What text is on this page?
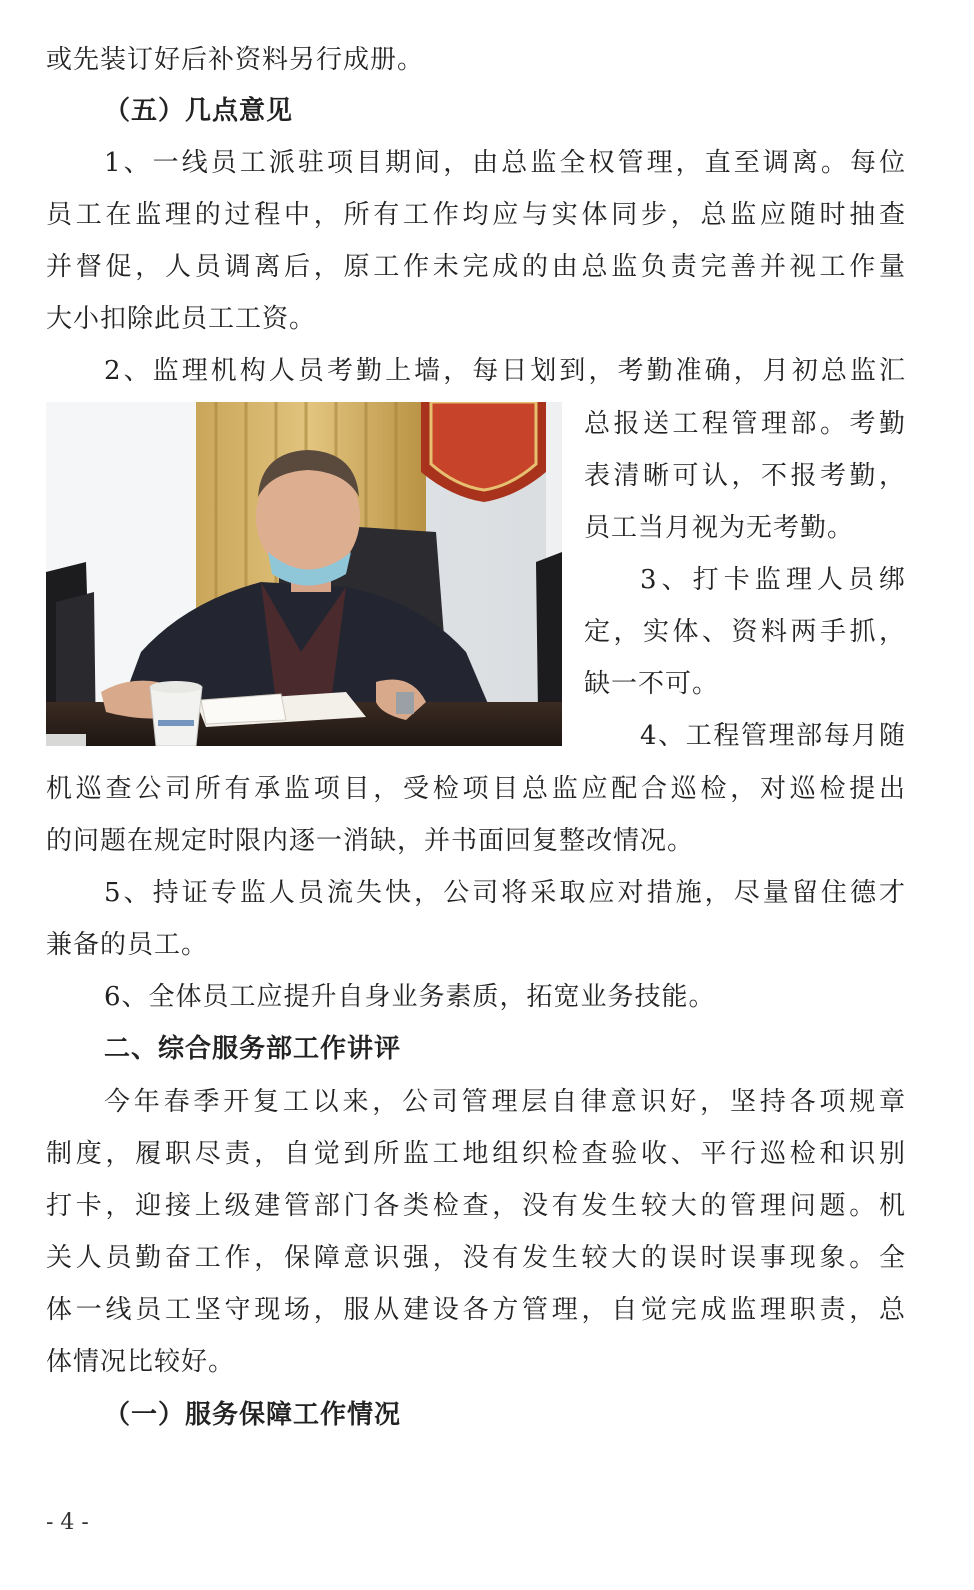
或先装订好后补资料另行成册。
（五）几点意见
1、一线员工派驻项目期间，由总监全权管理，直至调离。每位
员工在监理的过程中，所有工作均应与实体同步，总监应随时抽查
并督促，人员调离后，原工作未完成的由总监负责完善并视工作量
大小扣除此员工工资。
2、监理机构人员考勤上墙，每日划到，考勤准确，月初总监汇
总报送工程管理部。考勤
表清晰可认，不报考勤，
员工当月视为无考勤。
3、打卡监理人员绑
定，实体、资料两手抓，
缺一不可。
4、工程管理部每月随
机巡查公司所有承监项目，受检项目总监应配合巡检，对巡检提出
的问题在规定时限内逐一消缺，并书面回复整改情况。
5、持证专监人员流失快，公司将采取应对措施，尽量留住德才
兼备的员工。
6、全体员工应提升自身业务素质，拓宽业务技能。
二、综合服务部工作讲评
今年春季开复工以来，公司管理层自律意识好，坚持各项规章
制度，履职尽责，自觉到所监工地组织检查验收、平行巡检和识别
打卡，迎接上级建管部门各类检查，没有发生较大的管理问题。机
关人员勤奋工作，保障意识强，没有发生较大的误时误事现象。全
体一线员工坚守现场，服从建设各方管理，自觉完成监理职责，总
体情况比较好。
（一）服务保障工作情况
- 4 -
